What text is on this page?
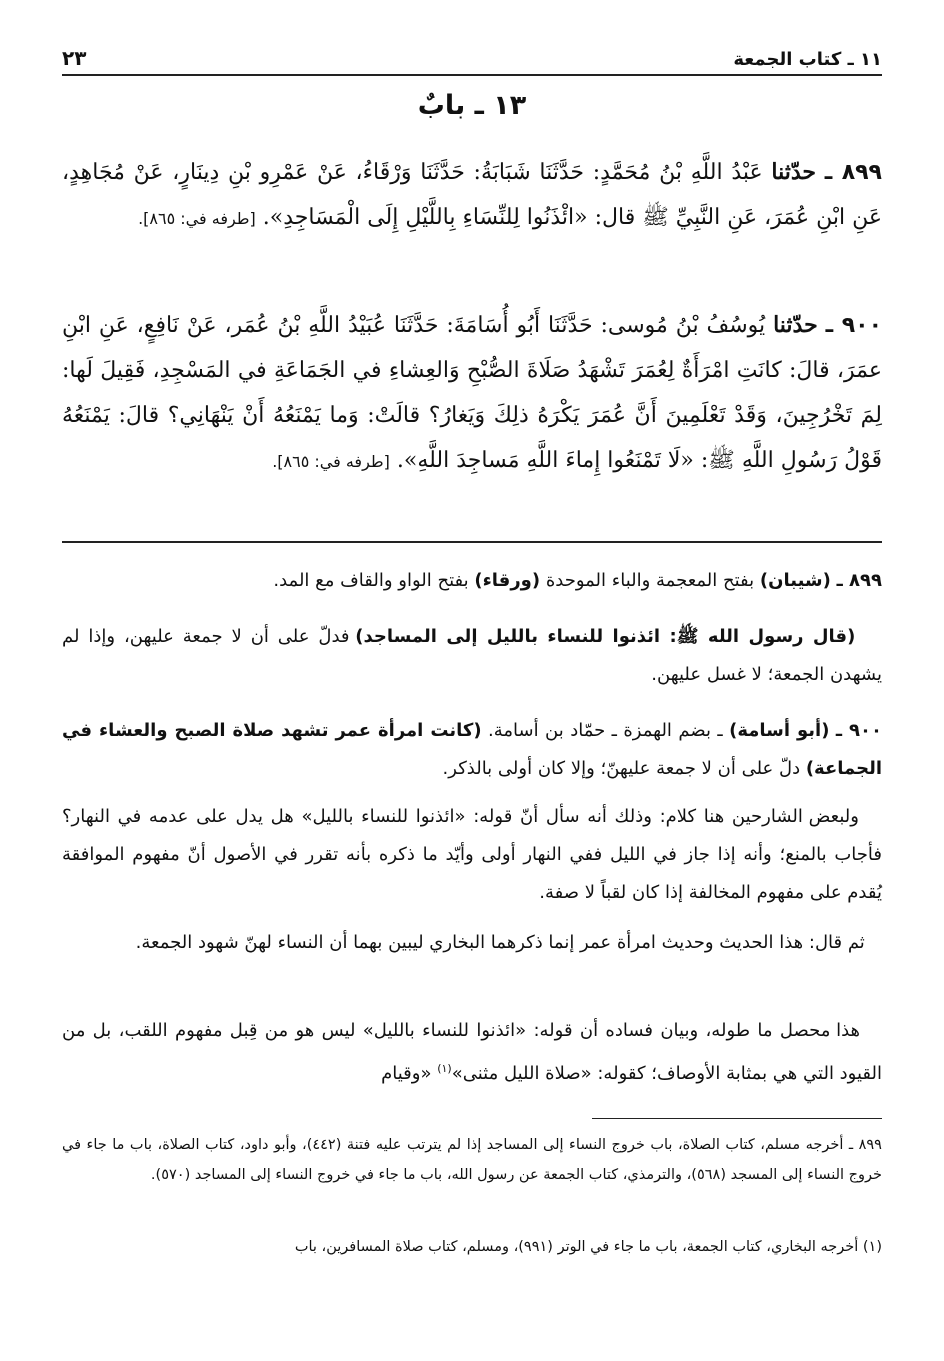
١١ ـ كتاب الجمعة
٢٣
١٣ ـ بابٌ

٨٩٩ ـ حدّثنا عَبْدُ اللَّهِ بْنُ مُحَمَّدٍ: حَدَّثَنَا شَبَابَةُ: حَدَّثَنَا وَرْقَاءُ، عَنْ عَمْرِو بْنِ دِينَارٍ، عَنْ مُجَاهِدٍ، عَنِ ابْنِ عُمَرَ، عَنِ النَّبِيِّ ﷺ قال: «ائْذَنُوا لِلنِّسَاءِ بِاللَّيْلِ إِلَى الْمَسَاجِدِ». [طرفه في: ٨٦٥].

٩٠٠ ـ حدّثنا يُوسُفُ بْنُ مُوسى: حَدَّثَنَا أَبُو أُسَامَةَ: حَدَّثَنَا عُبَيْدُ اللَّهِ بْنُ عُمَر، عَنْ نَافِعٍ، عَنِ ابْنِ عمَرَ، قالَ: كانَتِ امْرَأَةٌ لِعُمَرَ تَشْهَدُ صَلَاةَ الصُّبْحِ وَالعِشاءِ في الجَمَاعَةِ في المَسْجِدِ، فَقِيلَ لَها: لِمَ تَخْرُجِينَ، وَقَدْ تَعْلَمِينَ أَنَّ عُمَرَ يَكْرَهُ ذلِكَ وَيَغارُ؟ قالَتْ: وَما يَمْنَعُهُ أَنْ يَنْهَانِي؟ قالَ: يَمْنَعُهُ قَوْلُ رَسُولِ اللَّهِ ﷺ: «لَا تَمْنَعُوا إِماءَ اللَّهِ مَساجِدَ اللَّهِ». [طرفه في: ٨٦٥].

٨٩٩ ـ (شيبان) بفتح المعجمة والباء الموحدة (ورقاء) بفتح الواو والقاف مع المد.

(قال رسول الله ﷺ: ائذنوا للنساء بالليل إلى المساجد) فدلّ على أن لا جمعة عليهن، وإذا لم يشهدن الجمعة؛ لا غسل عليهن.

٩٠٠ ـ (أبو أسامة) ـ بضم الهمزة ـ حمّاد بن أسامة. (كانت امرأة عمر تشهد صلاة الصبح والعشاء في الجماعة) دلّ على أن لا جمعة عليهنّ؛ وإلا كان أولى بالذكر.

ولبعض الشارحين هنا كلام: وذلك أنه سأل أنّ قوله: «ائذنوا للنساء بالليل» هل يدل على عدمه في النهار؟ فأجاب بالمنع؛ وأنه إذا جاز في الليل ففي النهار أولى وأيّد ما ذكره بأنه تقرر في الأصول أنّ مفهوم الموافقة يُقدم على مفهوم المخالفة إذا كان لقباً لا صفة.

ثم قال: هذا الحديث وحديث امرأة عمر إنما ذكرهما البخاري ليبين بهما أن النساء لهنّ شهود الجمعة.

هذا محصل ما طوله، وبيان فساده أن قوله: «ائذنوا للنساء بالليل» ليس هو من قِبل مفهوم اللقب، بل من القيود التي هي بمثابة الأوصاف؛ كقوله: «صلاة الليل مثنى»$^{(١)}$ «وقيام

٨٩٩ ـ أخرجه مسلم، كتاب الصلاة، باب خروج النساء إلى المساجد إذا لم يترتب عليه فتنة (٤٤٢)، وأبو داود، كتاب الصلاة، باب ما جاء في خروج النساء إلى المسجد (٥٦٨)، والترمذي، كتاب الجمعة عن رسول الله، باب ما جاء في خروج النساء إلى المساجد (٥٧٠).

(١) أخرجه البخاري، كتاب الجمعة، باب ما جاء في الوتر (٩٩١)، ومسلم، كتاب صلاة المسافرين، باب
